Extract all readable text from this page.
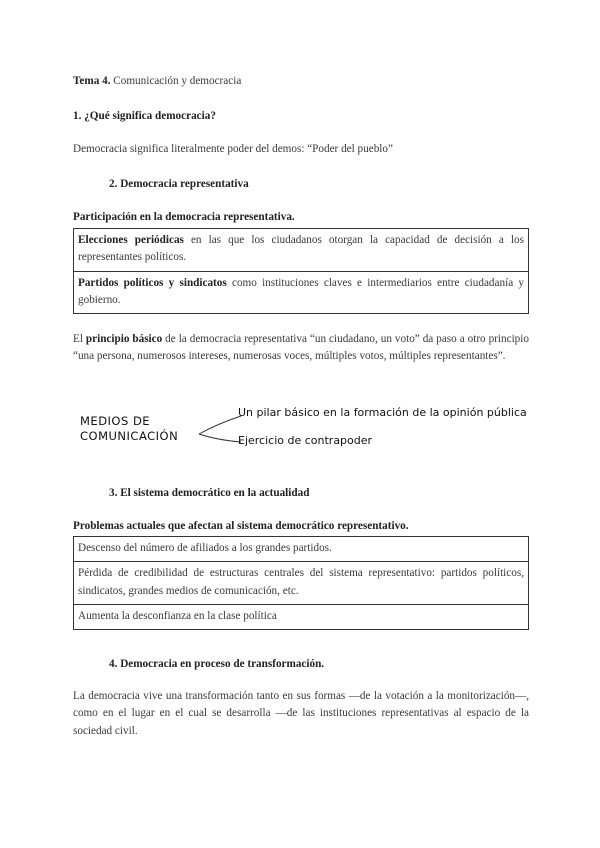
Tema 4. Comunicación y democracia
1. ¿Qué significa democracia?
Democracia significa literalmente poder del demos: “Poder del pueblo”
2. Democracia representativa
Participación en la democracia representativa.
Elecciones periódicas en las que los ciudadanos otorgan la capacidad de decisión a los representantes políticos.
Partidos políticos y sindicatos como instituciones claves e intermediarios entre ciudadanía y gobierno.
El principio básico de la democracia representativa “un ciudadano, un voto” da paso a otro principio “una persona, numerosos intereses, numerosas voces, múltiples votos, múltiples representantes”.
MEDIOS DE
COMUNICACIÓN
Un pilar básico en la formación de la opinión pública
Ejercicio de contrapoder
3. El sistema democrático en la actualidad
Problemas actuales que afectan al sistema democrático representativo.
Descenso del número de afiliados a los grandes partidos.
Pérdida de credibilidad de estructuras centrales del sistema representativo: partidos políticos, sindicatos, grandes medios de comunicación, etc.
Aumenta la desconfianza en la clase política
4. Democracia en proceso de transformación.
La democracia vive una transformación tanto en sus formas —de la votación a la monitorización—, como en el lugar en el cual se desarrolla —de las instituciones representativas al espacio de la sociedad civil.
